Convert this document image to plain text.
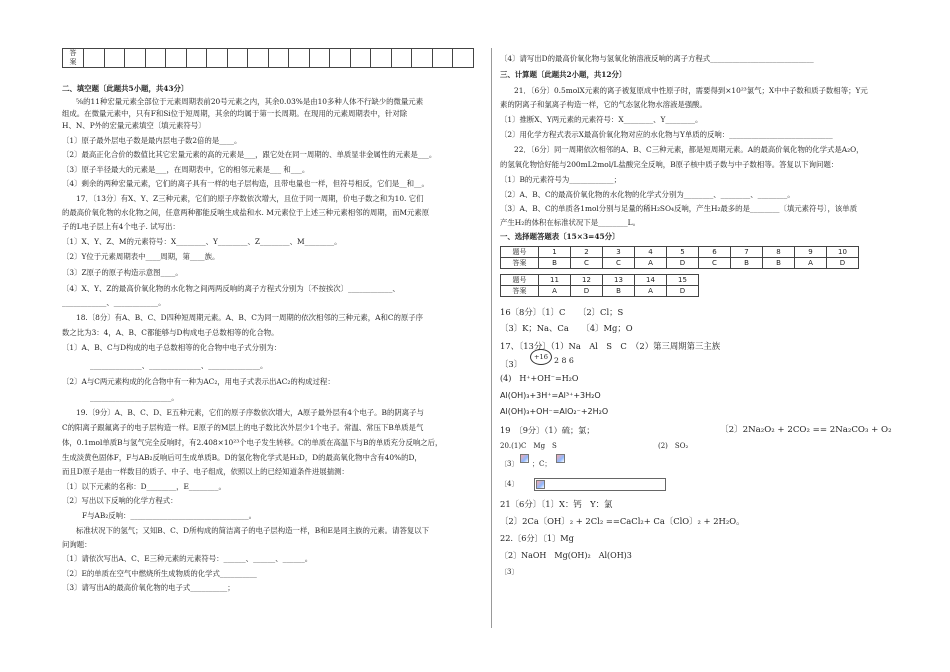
答
案																			
二、填空题〔此题共5小题，共43分〕
⅝的11种宏量元素全部位于元素周期表前20号元素之内，其余0.03%是由10多种人体不行缺少的微量元素
组成。在微量元素中，只有F和Si位于短周期，其余的均属于第一长周期。在现用的元素周期表中，针对除
H、N、P外的宏量元素填空〔填元素符号〕
〔1〕原子最外层电子数是最内层电子数2倍的是____。
〔2〕最高正化合价的数值比其它宏量元素的高的元素是___，跟它处在同一周期的、单质显非金属性的元素是___。
〔3〕原子半径最大的元素是___，在周期表中，它的相邻元素是___ 和___。
〔4〕剩余的两种宏量元素，它们的离子具有一样的电子层构造，且带电量也一样，但符号相反，它们是__和__。
17．〔13分〕有X、Y、Z三种元素，它们的原子序数依次增大，且位于同一周期，价电子数之和为10. 它们
的最高价氧化物的水化物之间，任意两种都能反响生成盐和水. M元素位于上述三种元素相邻的周期，而M元素原
子的L电子层上有4个电子. 试写出：
〔1〕X、Y、Z、M的元素符号：X________、Y________、Z________、M________。
〔2〕Y位于元素周期表中____周期，第____族。
〔3〕Z原子的原子构造示意图____。
〔4〕X、Y、Z的最高价氧化物的水化物之间两两反响的离子方程式分别为〔不按挨次〕____________、
____________、____________。
18.〔8分〕有A、B、C、D四种短周期元素。A、B、C为同一周期的依次相邻的三种元素，A和C的原子序
数之比为3：4，A、B、C都能够与D构成电子总数相等的化合物。
〔1〕A、B、C与D构成的电子总数相等的化合物中电子式分别为：
______________、______________、______________。
〔2〕A与C两元素构成的化合物中有一种为AC₂，用电子式表示出AC₂的构成过程：
______________________。
19.〔9分〕A、B、C、D、E五种元素，它们的原子序数依次增大，A原子最外层有4个电子。B的阴离子与
C的阳离子跟氟离子的电子层构造一样。E原子的M层上的电子数比次外层少1个电子。常温、常压下B单质是气
体，0.1mol单质B与氢气完全反响时，有2.408×10²³个电子发生转移。C的单质在高温下与B的单质充分反响之后，
生成淡黄色固体F，F与AB₂反响后可生成单质B。D的氢化物化学式是H₂D，D的最高氧化物中含有40%的D，
而且D原子是由一样数目的质子、中子、电子组成，依照以上的已经知道条件进展揣测：
〔1〕以下元素的名称：D________，E________。
〔2〕写出以下反响的化学方程式：
F与AB₂反响：________________________________。
标准状况下的氢气；又知B、C、D所构成的简洁离子的电子层构造一样，B和E是同主族的元素。请答复以下
问询题：
〔1〕请依次写出A、C、E三种元素的元素符号：______、______、______。
〔2〕E的单质在空气中燃烧所生成物质的化学式__________
〔3〕请写出A的最高价氧化物的电子式__________；
〔4〕请写出D的最高价氧化物与氢氧化钠溶液反响的离子方程式____________________________
三、计算题〔此题共2小题，共12分〕
21．〔6分〕0.5molX元素的离子被复原成中性原子时，需要得到×10²³氯气；X中中子数和质子数相等；Y元
素的阴离子和氯离子构造一样，它的气态氢化物水溶液是强酸。
〔1〕推断X、Y两元素的元素符号：X________、Y________。
〔2〕用化学方程式表示X最高价氧化物对应的水化物与Y单质的反响：____________________________
22．〔6分〕同一周期依次相邻的A、B、C三种元素，都是短周期元素。A的最高价氧化物的化学式是A₂O，
的氢氧化物恰好能与200mL2mol/L盐酸完全反响，B原子核中质子数与中子数相等。答复以下询问题：
〔1〕B的元素符号为____________；
〔2〕A、B、C的最高价氧化物的水化物的化学式分别为________、________、________。
〔3〕A、B、C的单质各1mol分别与足量的稀H₂SO₄反响，产生H₂最多的是________〔填元素符号〕，该单质
产生H₂的体积在标准状况下是________L。
一、选择题答题表〔15×3=45分〕
题号	1	2	3	4	5	6	7	8	9	10
答案	B	C	C	A	D	C	B	B	A	D
题号	11	12	13	14	15
答案	A	D	B	A	D
16〔8分〕〔1〕C　　〔2〕Cl；S
〔3〕K；Na、Ca　　〔4〕Mg；O
17、〔13分〕（1）Na　Al　S　C　（2）第三周期第三主族
〔3〕
+16 2 8 6
(4)　H⁺+OH⁻=H₂O
Al(OH)₃+3H⁺=Al³⁺+3H₂O
Al(OH)₃+OH⁻=AlO₂⁻+2H₂O
19　〔9分〕（1）硫；氯；	〔2〕2Na₂O₂ + 2CO₂ == 2Na₂CO₃ + O₂
20.(1)C　Mg　S	(2)　SO₂
〔3〕 ；C；
〔4〕
21〔6分〕〔1〕X：钙　Y：氯
〔2〕2Ca〔OH〕₂ + 2Cl₂ ==CaCl₂+ Ca〔ClO〕₂ + 2H₂O。
22.〔6分〕〔1〕Mg
〔2〕NaOH　Mg(OH)₂　Al(OH)3
〔3〕
